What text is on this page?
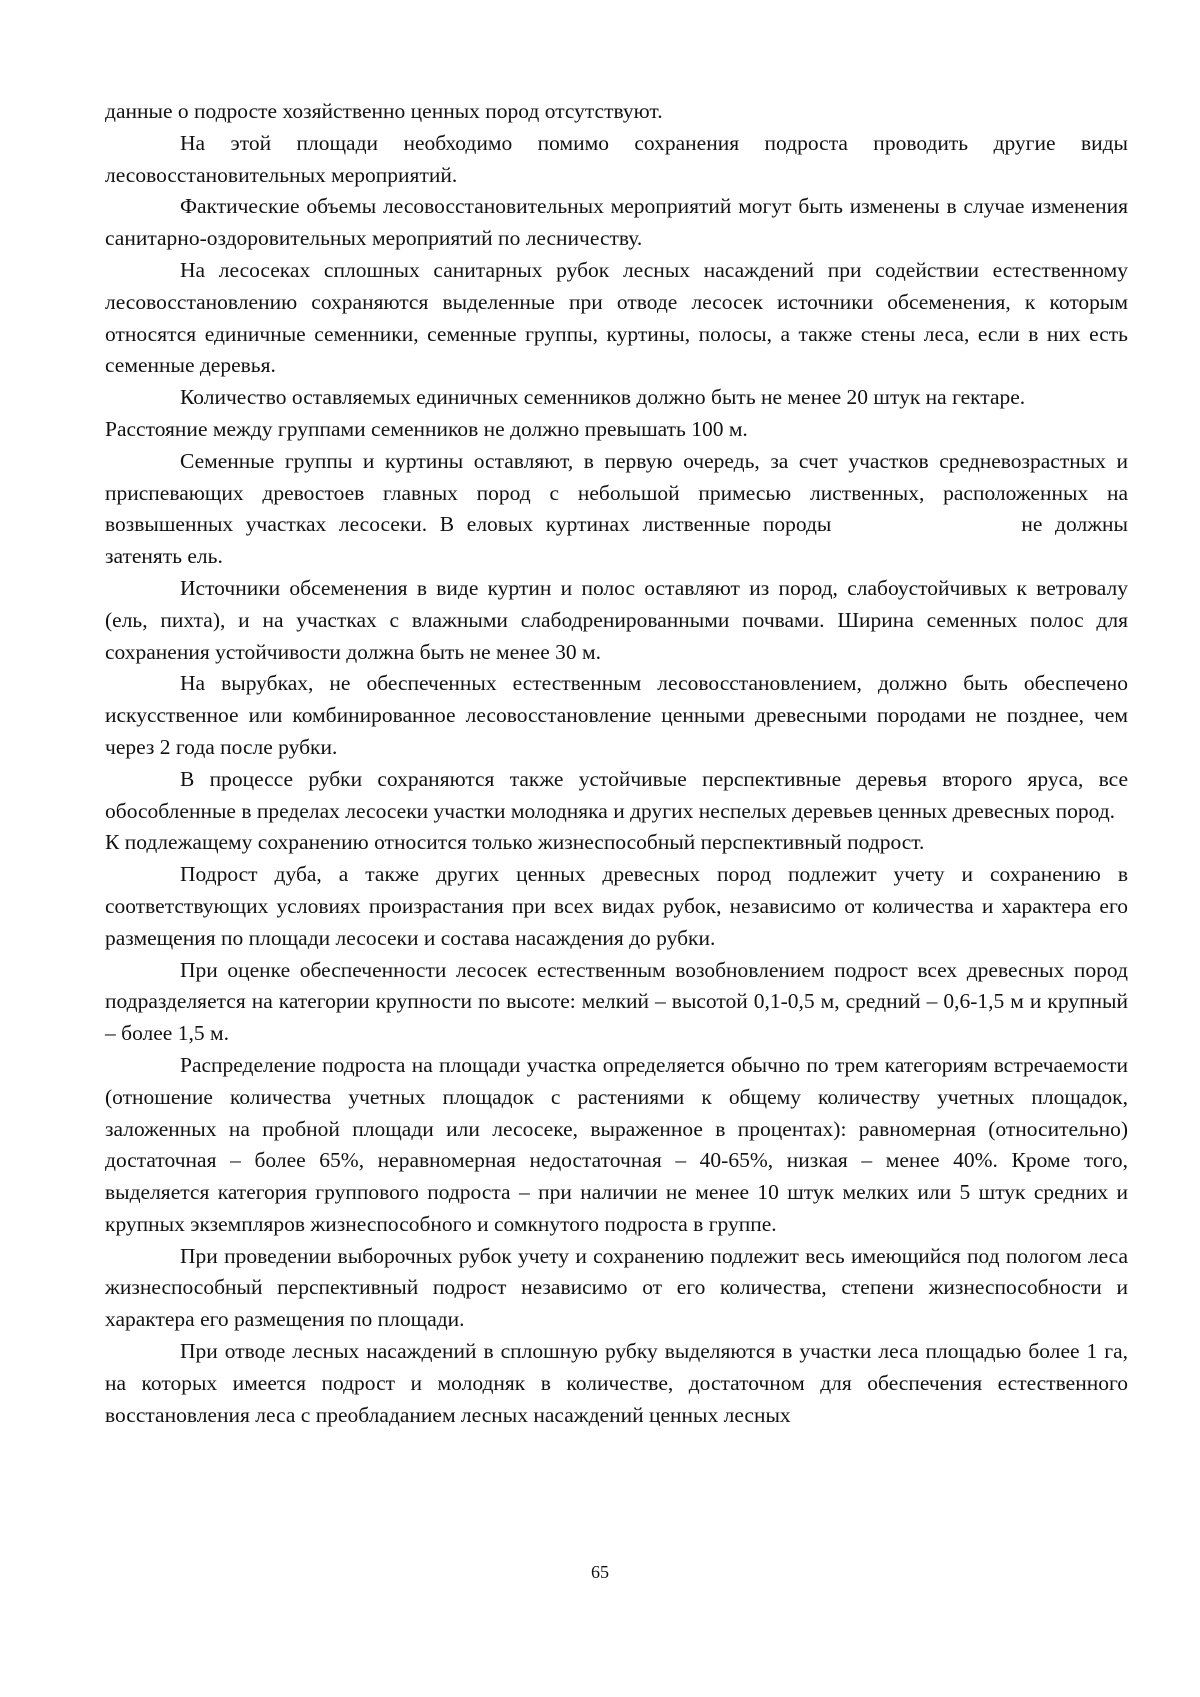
данные о подросте хозяйственно ценных пород отсутствуют.

На этой площади необходимо помимо сохранения подроста проводить другие виды лесовосстановительных мероприятий.

Фактические объемы лесовосстановительных мероприятий могут быть изменены в случае изменения санитарно-оздоровительных мероприятий по лесничеству.

На лесосеках сплошных санитарных рубок лесных насаждений при содействии естественному лесовосстановлению сохраняются выделенные при отводе лесосек источники обсеменения, к которым относятся единичные семенники, семенные группы, куртины, полосы, а также стены леса, если в них есть семенные деревья.

Количество оставляемых единичных семенников должно быть не менее 20 штук на гектаре.

Расстояние между группами семенников не должно превышать 100 м.

Семенные группы и куртины оставляют, в первую очередь, за счет участков средневозрастных и приспевающих древостоев главных пород с небольшой примесью лиственных, расположенных на возвышенных участках лесосеки. В еловых куртинах лиственные породы	не должны затенять ель.

Источники обсеменения в виде куртин и полос оставляют из пород, слабоустойчивых к ветровалу (ель, пихта), и на участках с влажными слабодренированными почвами. Ширина семенных полос для сохранения устойчивости должна быть не менее 30 м.

На вырубках, не обеспеченных естественным лесовосстановлением, должно быть обеспечено искусственное или комбинированное лесовосстановление ценными древесными породами не позднее, чем через 2 года после рубки.

В процессе рубки сохраняются также устойчивые перспективные деревья второго яруса, все обособленные в пределах лесосеки участки молодняка и других неспелых деревьев ценных древесных пород.

К подлежащему сохранению относится только жизнеспособный перспективный подрост.

Подрост дуба, а также других ценных древесных пород подлежит учету и сохранению в соответствующих условиях произрастания при всех видах рубок, независимо от количества и характера его размещения по площади лесосеки и состава насаждения до рубки.

При оценке обеспеченности лесосек естественным возобновлением подрост всех древесных пород подразделяется на категории крупности по высоте: мелкий – высотой 0,1-0,5 м, средний – 0,6-1,5 м и крупный – более 1,5 м.

Распределение подроста на площади участка определяется обычно по трем категориям встречаемости (отношение количества учетных площадок с растениями к общему количеству учетных площадок, заложенных на пробной площади или лесосеке, выраженное в процентах): равномерная (относительно) достаточная – более 65%, неравномерная недостаточная – 40-65%, низкая – менее 40%. Кроме того, выделяется категория группового подроста – при наличии не менее 10 штук мелких или 5 штук средних и крупных экземпляров жизнеспособного и сомкнутого подроста в группе.

При проведении выборочных рубок учету и сохранению подлежит весь имеющийся под пологом леса жизнеспособный перспективный подрост независимо от его количества, степени жизнеспособности и характера его размещения по площади.

При отводе лесных насаждений в сплошную рубку выделяются в участки леса площадью более 1 га, на которых имеется подрост и молодняк в количестве, достаточном для обеспечения естественного восстановления леса с преобладанием лесных насаждений ценных лесных

65
